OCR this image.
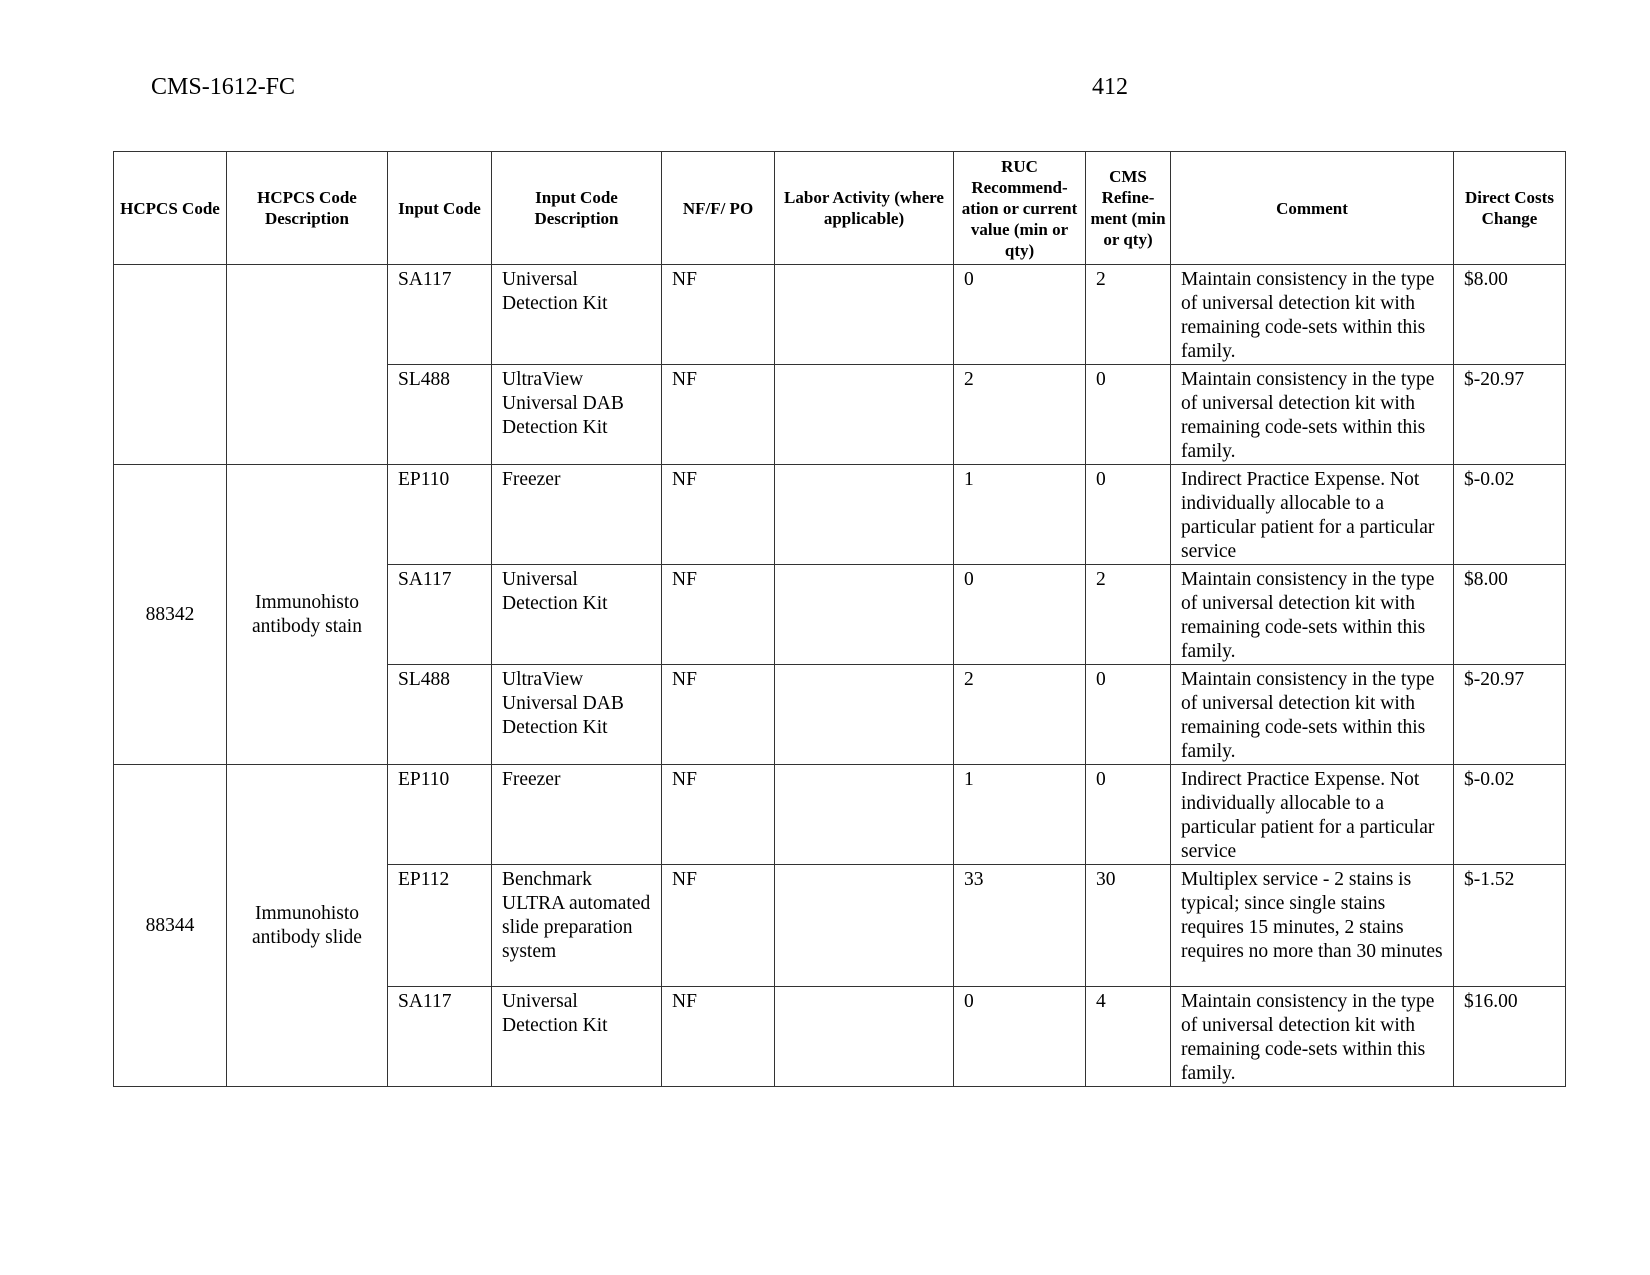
CMS-1612-FC	412
HCPCS Code	HCPCS Code Description	Input Code	Input Code Description	NF/F/ PO	Labor Activity (where applicable)	RUC Recommend-ation or current value (min or qty)	CMS Refine-ment (min or qty)	Comment	Direct Costs Change
		SA117	Universal Detection Kit	NF		0	2	Maintain consistency in the type of universal detection kit with remaining code-sets within this family.	$8.00
		SL488	UltraView Universal DAB Detection Kit	NF		2	0	Maintain consistency in the type of universal detection kit with remaining code-sets within this family.	$-20.97
88342	Immunohisto antibody stain	EP110	Freezer	NF		1	0	Indirect Practice Expense. Not individually allocable to a particular patient for a particular service	$-0.02
		SA117	Universal Detection Kit	NF		0	2	Maintain consistency in the type of universal detection kit with remaining code-sets within this family.	$8.00
		SL488	UltraView Universal DAB Detection Kit	NF		2	0	Maintain consistency in the type of universal detection kit with remaining code-sets within this family.	$-20.97
88344	Immunohisto antibody slide	EP110	Freezer	NF		1	0	Indirect Practice Expense. Not individually allocable to a particular patient for a particular service	$-0.02
		EP112	Benchmark ULTRA automated slide preparation system	NF		33	30	Multiplex service - 2 stains is typical; since single stains requires 15 minutes, 2 stains requires no more than 30 minutes	$-1.52
		SA117	Universal Detection Kit	NF		0	4	Maintain consistency in the type of universal detection kit with remaining code-sets within this family.	$16.00
